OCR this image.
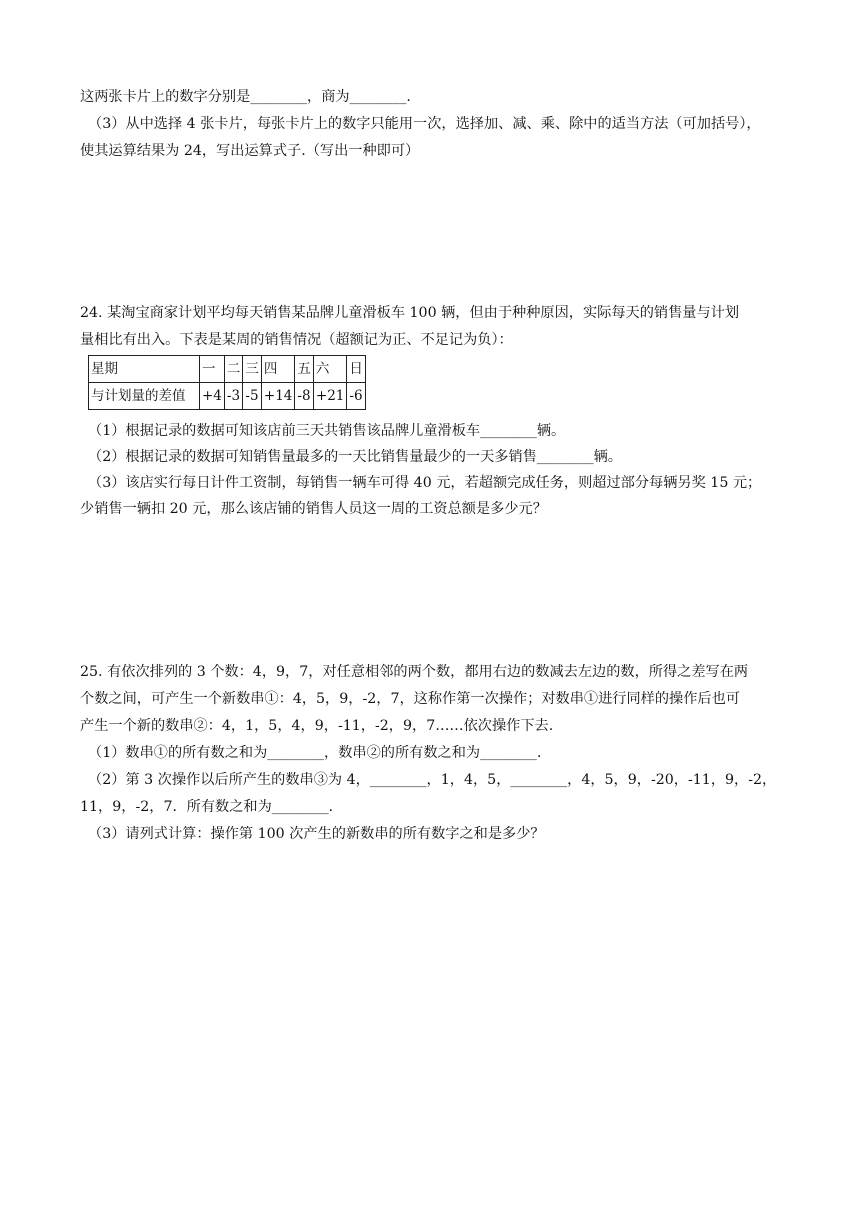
这两张卡片上的数字分别是________，商为________.
（3）从中选择 4 张卡片，每张卡片上的数字只能用一次，选择加、减、乘、除中的适当方法（可加括号），
使其运算结果为 24，写出运算式子.（写出一种即可）
24. 某淘宝商家计划平均每天销售某品牌儿童滑板车 100 辆，但由于种种原因，实际每天的销售量与计划
量相比有出入。下表是某周的销售情况（超额记为正、不足记为负）：
星期	一	二	三	四	五	六	日
与计划量的差值	+4	-3	-5	+14	-8	+21	-6
（1）根据记录的数据可知该店前三天共销售该品牌儿童滑板车________辆。
（2）根据记录的数据可知销售量最多的一天比销售量最少的一天多销售________辆。
（3）该店实行每日计件工资制，每销售一辆车可得 40 元，若超额完成任务，则超过部分每辆另奖 15 元；
少销售一辆扣 20 元，那么该店铺的销售人员这一周的工资总额是多少元？
25. 有依次排列的 3 个数：4，9，7，对任意相邻的两个数，都用右边的数减去左边的数，所得之差写在两
个数之间，可产生一个新数串①：4，5，9，-2，7，这称作第一次操作；对数串①进行同样的操作后也可
产生一个新的数串②：4，1，5，4，9，-11，-2，9，7……依次操作下去.
（1）数串①的所有数之和为________，数串②的所有数之和为________.
（2）第 3 次操作以后所产生的数串③为 4，________，1，4，5，________，4，5，9，-20，-11，9，-2，
11，9，-2，7．所有数之和为________.
（3）请列式计算：操作第 100 次产生的新数串的所有数字之和是多少？
